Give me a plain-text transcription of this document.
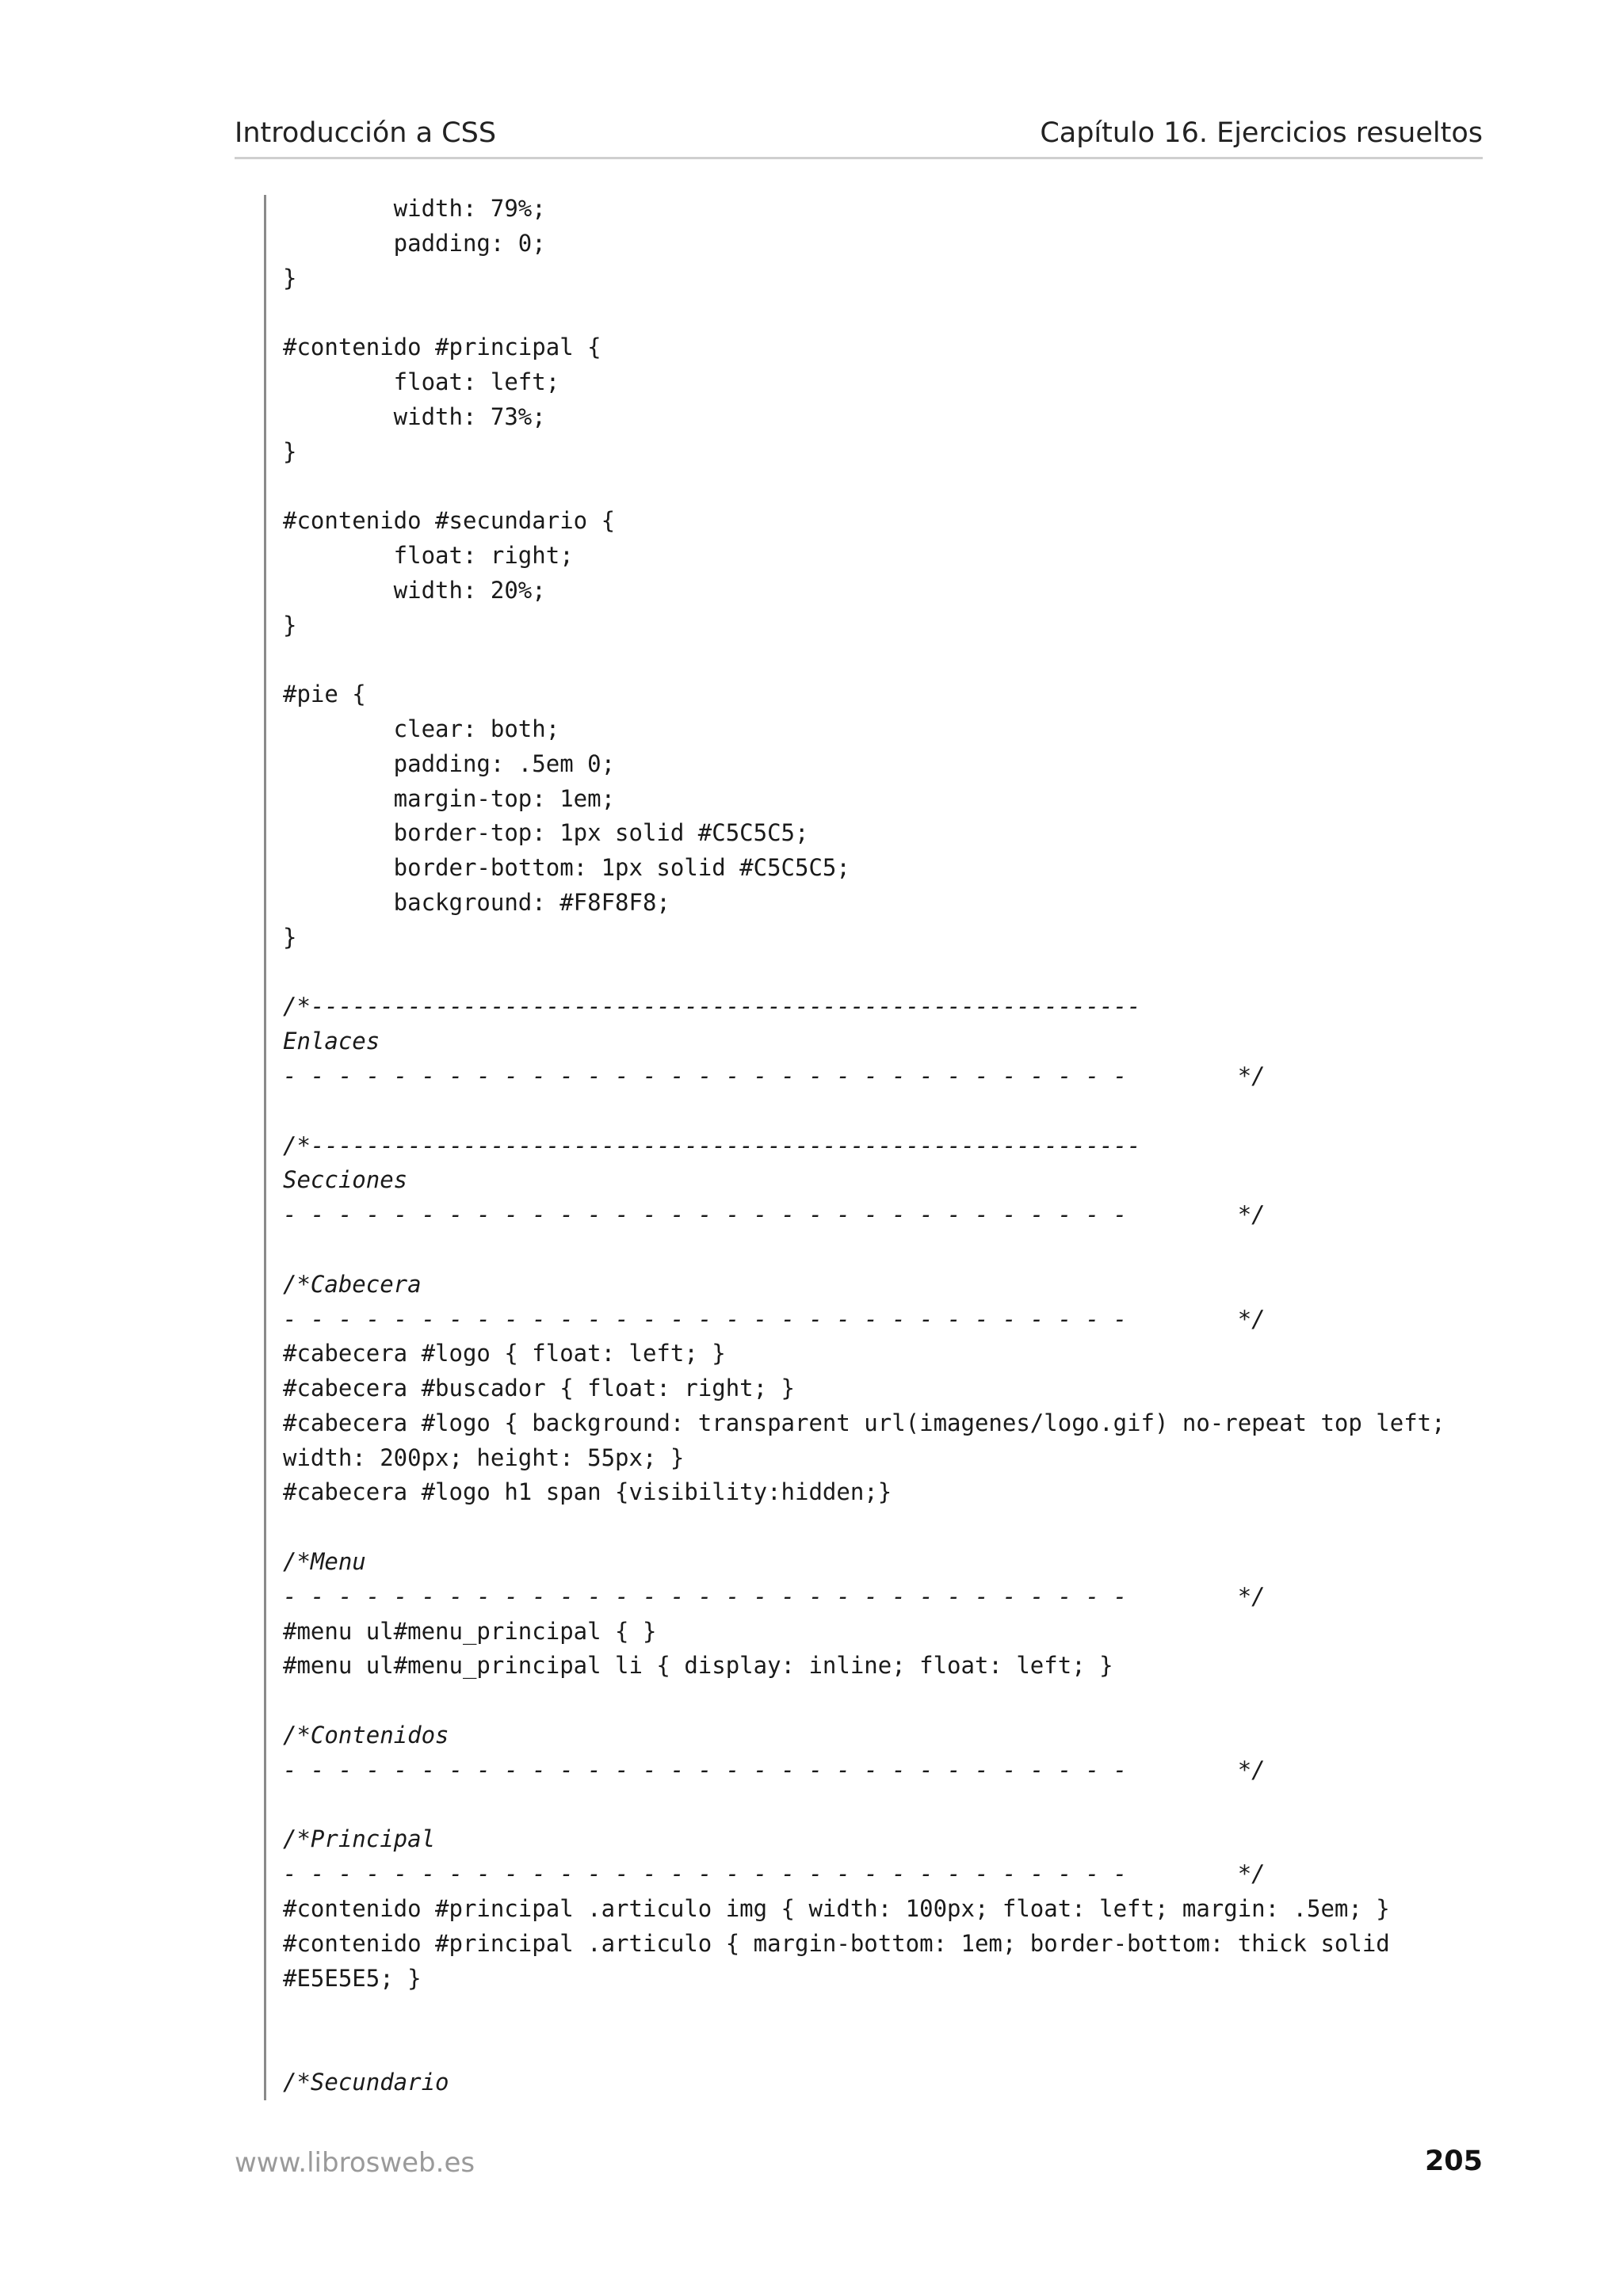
Introducción a CSS	Capítulo 16. Ejercicios resueltos
width: 79%;
padding: 0;
}
#contenido #principal {
float: left;
width: 73%;
}
#contenido #secundario {
float: right;
width: 20%;
}
#pie {
clear: both;
padding: .5em 0;
margin-top: 1em;
border-top: 1px solid #C5C5C5;
border-bottom: 1px solid #C5C5C5;
background: #F8F8F8;
}
/*------------------------------------------------------------
Enlaces
- - - - - - - - - - - - - - - - - - - - - - - - - - - - - - -        */
/*------------------------------------------------------------
Secciones
- - - - - - - - - - - - - - - - - - - - - - - - - - - - - - -        */
/*Cabecera
- - - - - - - - - - - - - - - - - - - - - - - - - - - - - - -        */
#cabecera #logo { float: left; }
#cabecera #buscador { float: right; }
#cabecera #logo { background: transparent url(imagenes/logo.gif) no-repeat top left;
width: 200px; height: 55px; }
#cabecera #logo h1 span {visibility:hidden;}
/*Menu
- - - - - - - - - - - - - - - - - - - - - - - - - - - - - - -        */
#menu ul#menu_principal { }
#menu ul#menu_principal li { display: inline; float: left; }
/*Contenidos
- - - - - - - - - - - - - - - - - - - - - - - - - - - - - - -        */
/*Principal
- - - - - - - - - - - - - - - - - - - - - - - - - - - - - - -        */
#contenido #principal .articulo img { width: 100px; float: left; margin: .5em; }
#contenido #principal .articulo { margin-bottom: 1em; border-bottom: thick solid
#E5E5E5; }
/*Secundario
www.librosweb.es	205
